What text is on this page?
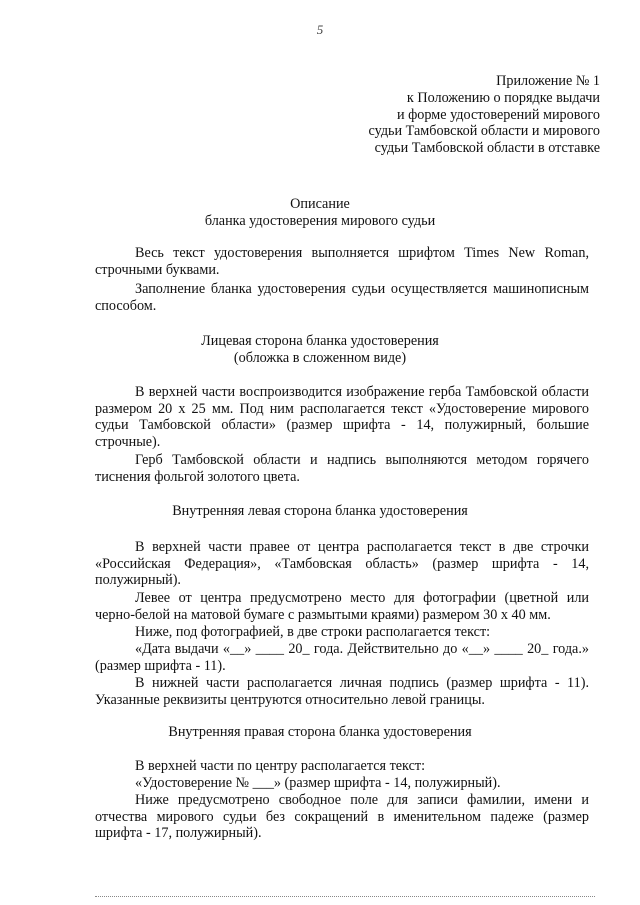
5
Приложение № 1
к Положению о порядке выдачи
и форме удостоверений мирового
судьи Тамбовской области и мирового
судьи Тамбовской области в отставке
Описание
бланка удостоверения мирового судьи
Весь текст удостоверения выполняется шрифтом Times New Roman, строчными буквами.
Заполнение бланка удостоверения судьи осуществляется машинописным способом.
Лицевая сторона бланка удостоверения
(обложка в сложенном виде)
В верхней части воспроизводится изображение герба Тамбовской области размером 20 х 25 мм. Под ним располагается текст «Удостоверение мирового судьи Тамбовской области» (размер шрифта - 14, полужирный, большие строчные).
Герб Тамбовской области и надпись выполняются методом горячего тиснения фольгой золотого цвета.
Внутренняя левая сторона бланка удостоверения
В верхней части правее от центра располагается текст в две строчки «Российская Федерация», «Тамбовская область» (размер шрифта - 14, полужирный).
Левее от центра предусмотрено место для фотографии (цветной или черно-белой на матовой бумаге с размытыми краями) размером 30 х 40 мм.
Ниже, под фотографией, в две строки располагается текст:
«Дата выдачи «__» ____ 20_ года. Действительно до «__» ____ 20_ года.» (размер шрифта - 11).
В нижней части располагается личная подпись (размер шрифта - 11). Указанные реквизиты центруются относительно левой границы.
Внутренняя правая сторона бланка удостоверения
В верхней части по центру располагается текст:
«Удостоверение № ___» (размер шрифта - 14, полужирный).
Ниже предусмотрено свободное поле для записи фамилии, имени и отчества мирового судьи без сокращений в именительном падеже (размер шрифта - 17, полужирный).
